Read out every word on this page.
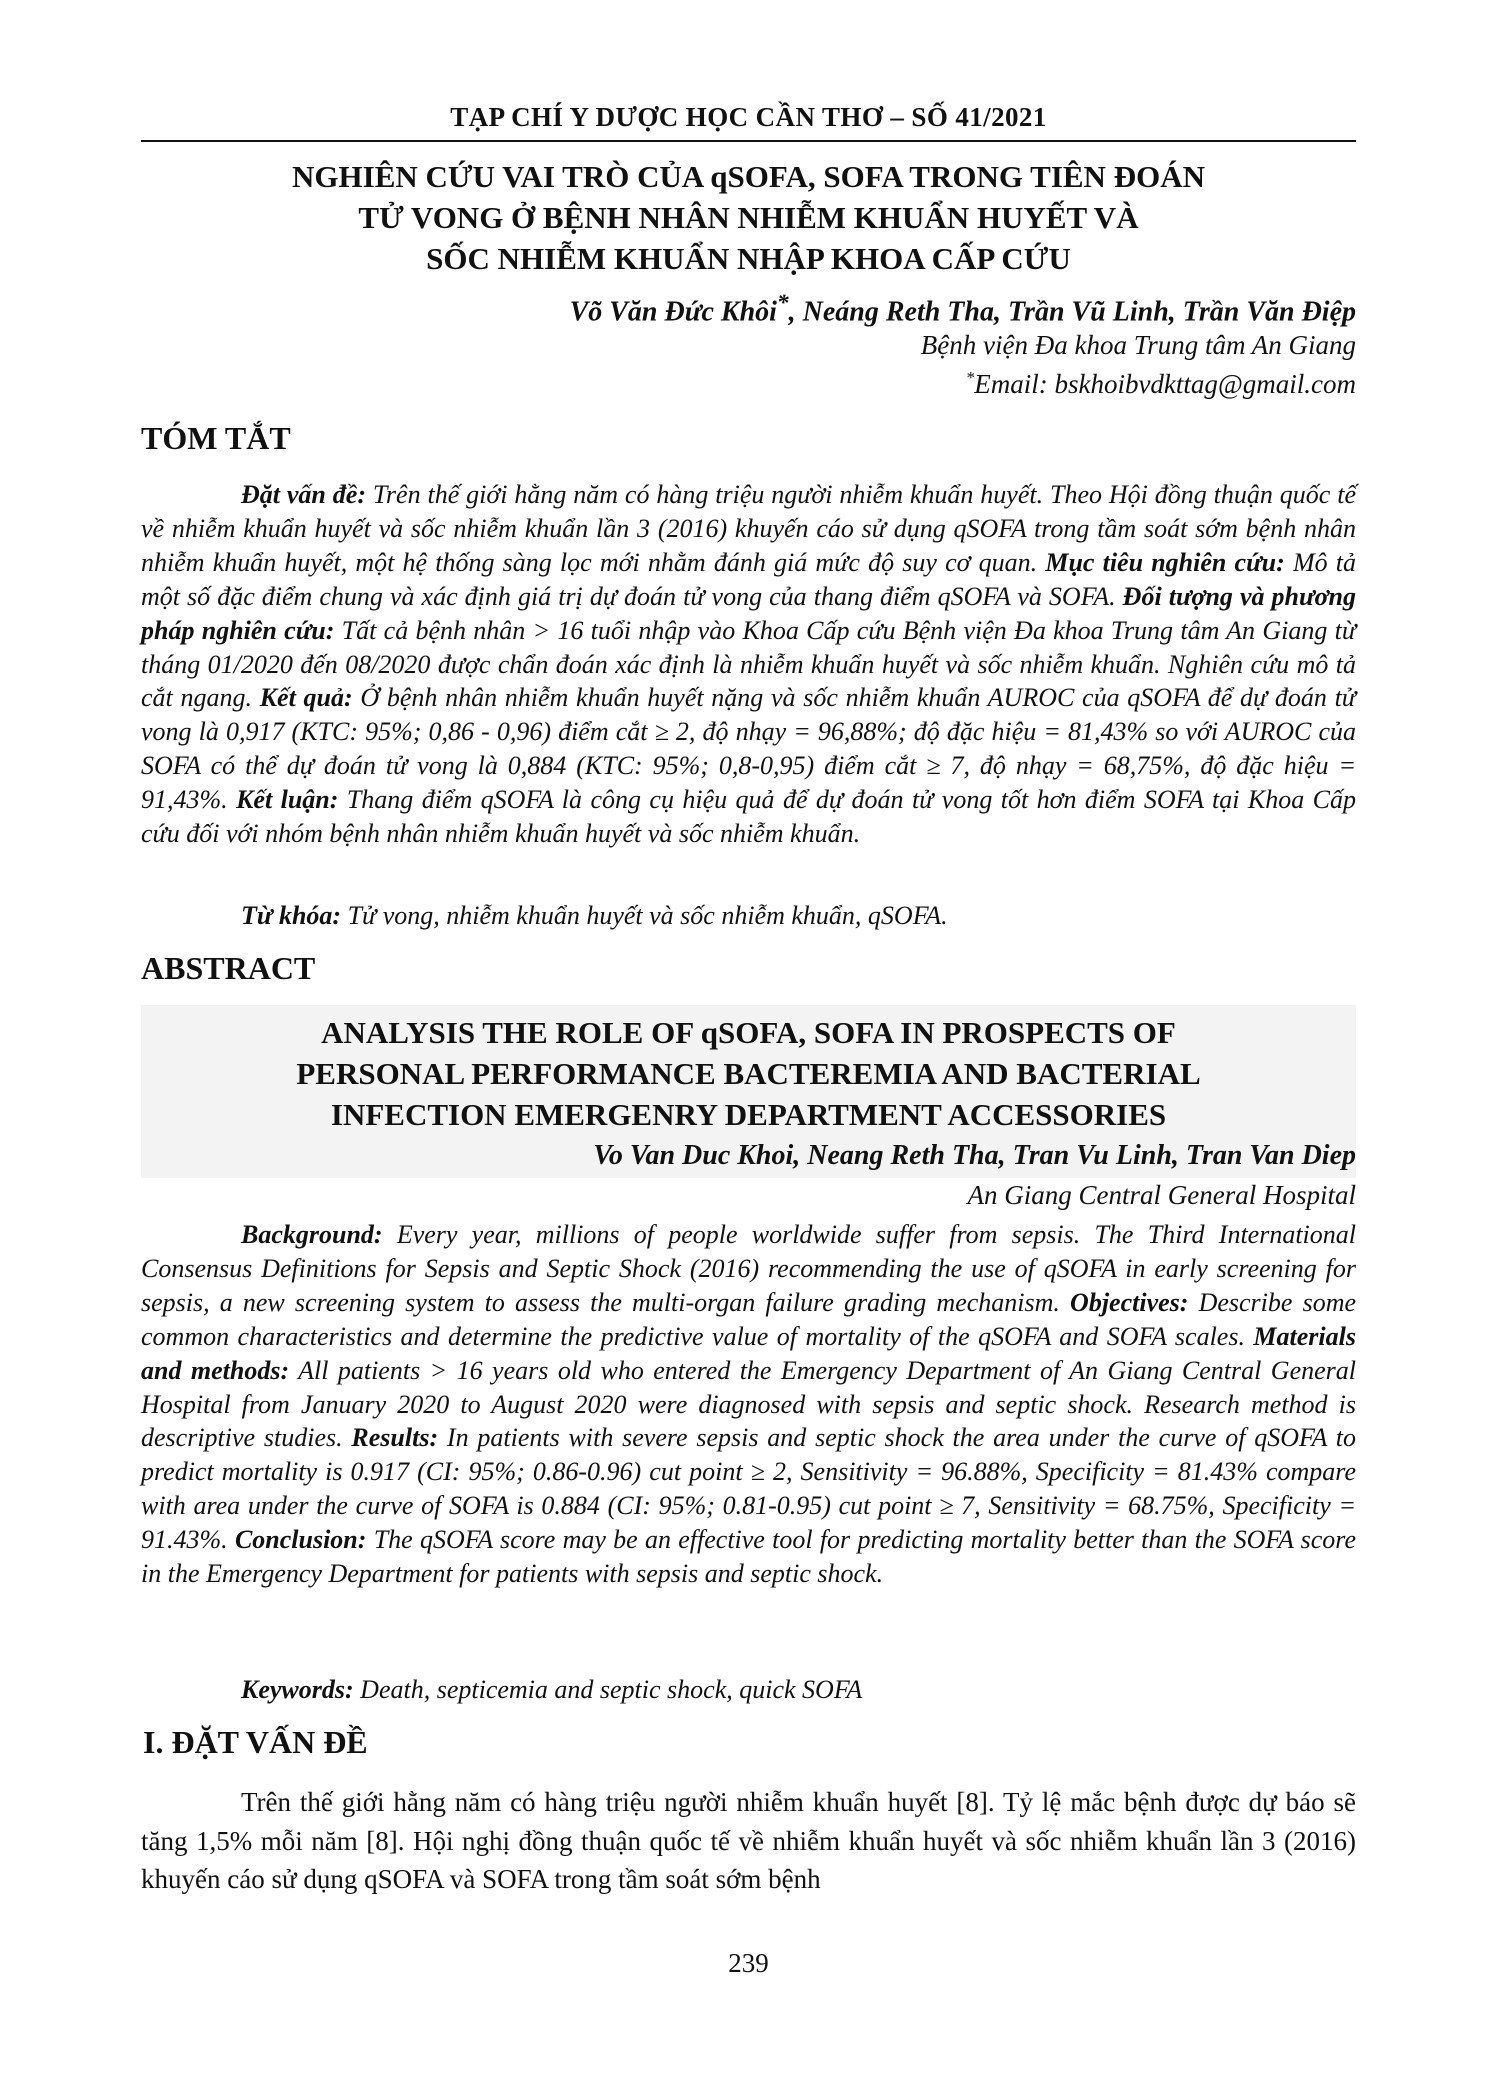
TẠP CHÍ Y DƯỢC HỌC CẦN THƠ – SỐ 41/2021
NGHIÊN CỨU VAI TRÒ CỦA qSOFA, SOFA TRONG TIÊN ĐOÁN
TỬ VONG Ở BỆNH NHÂN NHIỄM KHUẨN HUYẾT VÀ
SỐC NHIỄM KHUẨN NHẬP KHOA CẤP CỨU
Võ Văn Đức Khôi*, Neáng Reth Tha, Trần Vũ Linh, Trần Văn Điệp
Bệnh viện Đa khoa Trung tâm An Giang
*Email: bskhoibvdkttag@gmail.com
TÓM TẮT
Đặt vấn đề: Trên thế giới hằng năm có hàng triệu người nhiễm khuẩn huyết. Theo Hội đồng thuận quốc tế về nhiễm khuẩn huyết và sốc nhiễm khuẩn lần 3 (2016) khuyến cáo sử dụng qSOFA trong tầm soát sớm bệnh nhân nhiễm khuẩn huyết, một hệ thống sàng lọc mới nhằm đánh giá mức độ suy cơ quan. Mục tiêu nghiên cứu: Mô tả một số đặc điểm chung và xác định giá trị dự đoán tử vong của thang điểm qSOFA và SOFA. Đối tượng và phương pháp nghiên cứu: Tất cả bệnh nhân > 16 tuổi nhập vào Khoa Cấp cứu Bệnh viện Đa khoa Trung tâm An Giang từ tháng 01/2020 đến 08/2020 được chẩn đoán xác định là nhiễm khuẩn huyết và sốc nhiễm khuẩn. Nghiên cứu mô tả cắt ngang. Kết quả: Ở bệnh nhân nhiễm khuẩn huyết nặng và sốc nhiễm khuẩn AUROC của qSOFA để dự đoán tử vong là 0,917 (KTC: 95%; 0,86 - 0,96) điểm cắt ≥ 2, độ nhạy = 96,88%; độ đặc hiệu = 81,43% so với AUROC của SOFA có thể dự đoán tử vong là 0,884 (KTC: 95%; 0,8-0,95) điểm cắt ≥ 7, độ nhạy = 68,75%, độ đặc hiệu = 91,43%. Kết luận: Thang điểm qSOFA là công cụ hiệu quả để dự đoán tử vong tốt hơn điểm SOFA tại Khoa Cấp cứu đối với nhóm bệnh nhân nhiễm khuẩn huyết và sốc nhiễm khuẩn.
Từ khóa: Tử vong, nhiễm khuẩn huyết và sốc nhiễm khuẩn, qSOFA.
ABSTRACT
ANALYSIS THE ROLE OF qSOFA, SOFA IN PROSPECTS OF
PERSONAL PERFORMANCE BACTEREMIA AND BACTERIAL
INFECTION EMERGENRY DEPARTMENT ACCESSORIES
Vo Van Duc Khoi, Neang Reth Tha, Tran Vu Linh, Tran Van Diep
An Giang Central General Hospital
Background: Every year, millions of people worldwide suffer from sepsis. The Third International Consensus Definitions for Sepsis and Septic Shock (2016) recommending the use of qSOFA in early screening for sepsis, a new screening system to assess the multi-organ failure grading mechanism. Objectives: Describe some common characteristics and determine the predictive value of mortality of the qSOFA and SOFA scales. Materials and methods: All patients > 16 years old who entered the Emergency Department of An Giang Central General Hospital from January 2020 to August 2020 were diagnosed with sepsis and septic shock. Research method is descriptive studies. Results: In patients with severe sepsis and septic shock the area under the curve of qSOFA to predict mortality is 0.917 (CI: 95%; 0.86-0.96) cut point ≥ 2, Sensitivity = 96.88%, Specificity = 81.43% compare with area under the curve of SOFA is 0.884 (CI: 95%; 0.81-0.95) cut point ≥ 7, Sensitivity = 68.75%, Specificity = 91.43%. Conclusion: The qSOFA score may be an effective tool for predicting mortality better than the SOFA score in the Emergency Department for patients with sepsis and septic shock.
Keywords: Death, septicemia and septic shock, quick SOFA
I. ĐẶT VẤN ĐỀ
Trên thế giới hằng năm có hàng triệu người nhiễm khuẩn huyết [8]. Tỷ lệ mắc bệnh được dự báo sẽ tăng 1,5% mỗi năm [8]. Hội nghị đồng thuận quốc tế về nhiễm khuẩn huyết và sốc nhiễm khuẩn lần 3 (2016) khuyến cáo sử dụng qSOFA và SOFA trong tầm soát sớm bệnh
239
